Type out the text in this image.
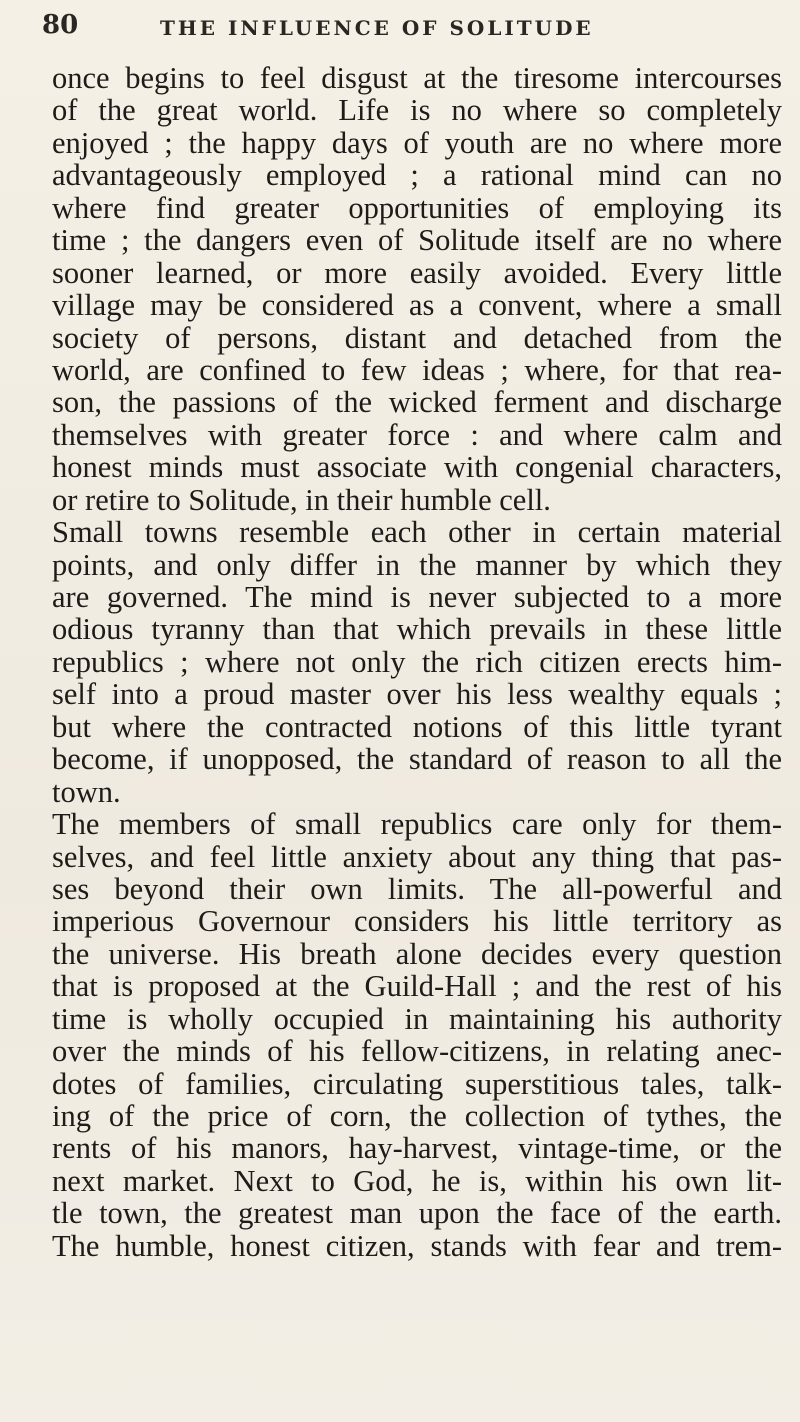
80	THE INFLUENCE OF SOLITUDE
once begins to feel disgust at the tiresome intercourses
of the great world. Life is no where so completely
enjoyed ; the happy days of youth are no where more
advantageously employed ; a rational mind can no
where find greater opportunities of employing its
time ; the dangers even of Solitude itself are no where
sooner learned, or more easily avoided. Every little
village may be considered as a convent, where a small
society of persons, distant and detached from the
world, are confined to few ideas ; where, for that rea-
son, the passions of the wicked ferment and discharge
themselves with greater force : and where calm and
honest minds must associate with congenial characters,
or retire to Solitude, in their humble cell.
Small towns resemble each other in certain material
points, and only differ in the manner by which they
are governed. The mind is never subjected to a more
odious tyranny than that which prevails in these little
republics ; where not only the rich citizen erects him-
self into a proud master over his less wealthy equals ;
but where the contracted notions of this little tyrant
become, if unopposed, the standard of reason to all the
town.
The members of small republics care only for them-
selves, and feel little anxiety about any thing that pas-
ses beyond their own limits. The all-powerful and
imperious Governour considers his little territory as
the universe. His breath alone decides every question
that is proposed at the Guild-Hall ; and the rest of his
time is wholly occupied in maintaining his authority
over the minds of his fellow-citizens, in relating anec-
dotes of families, circulating superstitious tales, talk-
ing of the price of corn, the collection of tythes, the
rents of his manors, hay-harvest, vintage-time, or the
next market. Next to God, he is, within his own lit-
tle town, the greatest man upon the face of the earth.
The humble, honest citizen, stands with fear and trem-
